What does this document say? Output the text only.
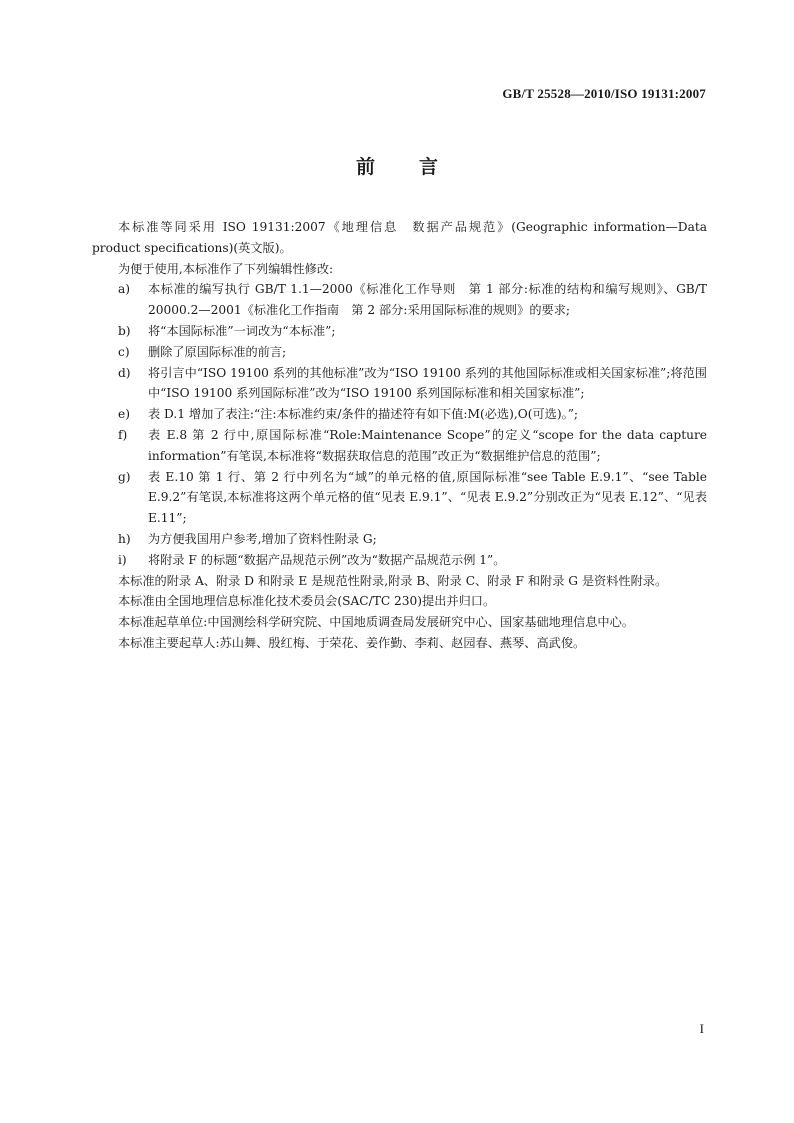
GB/T 25528—2010/ISO 19131:2007
前言

本标准等同采用 ISO 19131:2007《地理信息　数据产品规范》(Geographic information—Data product specifications)(英文版)。

为便于使用,本标准作了下列编辑性修改:

a)	本标准的编写执行 GB/T 1.1—2000《标准化工作导则　第 1 部分:标准的结构和编写规则》、GB/T 20000.2—2001《标准化工作指南　第 2 部分:采用国际标准的规则》的要求;
b)	将“本国际标准”一词改为“本标准”;
c)	删除了原国际标准的前言;
d)	将引言中“ISO 19100 系列的其他标准”改为“ISO 19100 系列的其他国际标准或相关国家标准”;将范围中“ISO 19100 系列国际标准”改为“ISO 19100 系列国际标准和相关国家标准”;
e)	表 D.1 增加了表注:“注:本标准约束/条件的描述符有如下值:M(必选),O(可选)。”;
f)	表 E.8 第 2 行中,原国际标准“Role:Maintenance Scope”的定义“scope for the data capture information”有笔误,本标准将“数据获取信息的范围”改正为“数据维护信息的范围”;
g)	表 E.10 第 1 行、第 2 行中列名为“域”的单元格的值,原国际标准“see Table E.9.1”、“see Table E.9.2”有笔误,本标准将这两个单元格的值“见表 E.9.1”、“见表 E.9.2”分别改正为“见表 E.12”、“见表 E.11”;
h)	为方便我国用户参考,增加了资料性附录 G;
i)	将附录 F 的标题“数据产品规范示例”改为“数据产品规范示例 1”。

本标准的附录 A、附录 D 和附录 E 是规范性附录,附录 B、附录 C、附录 F 和附录 G 是资料性附录。

本标准由全国地理信息标准化技术委员会(SAC/TC 230)提出并归口。

本标准起草单位:中国测绘科学研究院、中国地质调查局发展研究中心、国家基础地理信息中心。

本标准主要起草人:苏山舞、殷红梅、于荣花、姜作勤、李莉、赵园春、燕琴、高武俊。

I
